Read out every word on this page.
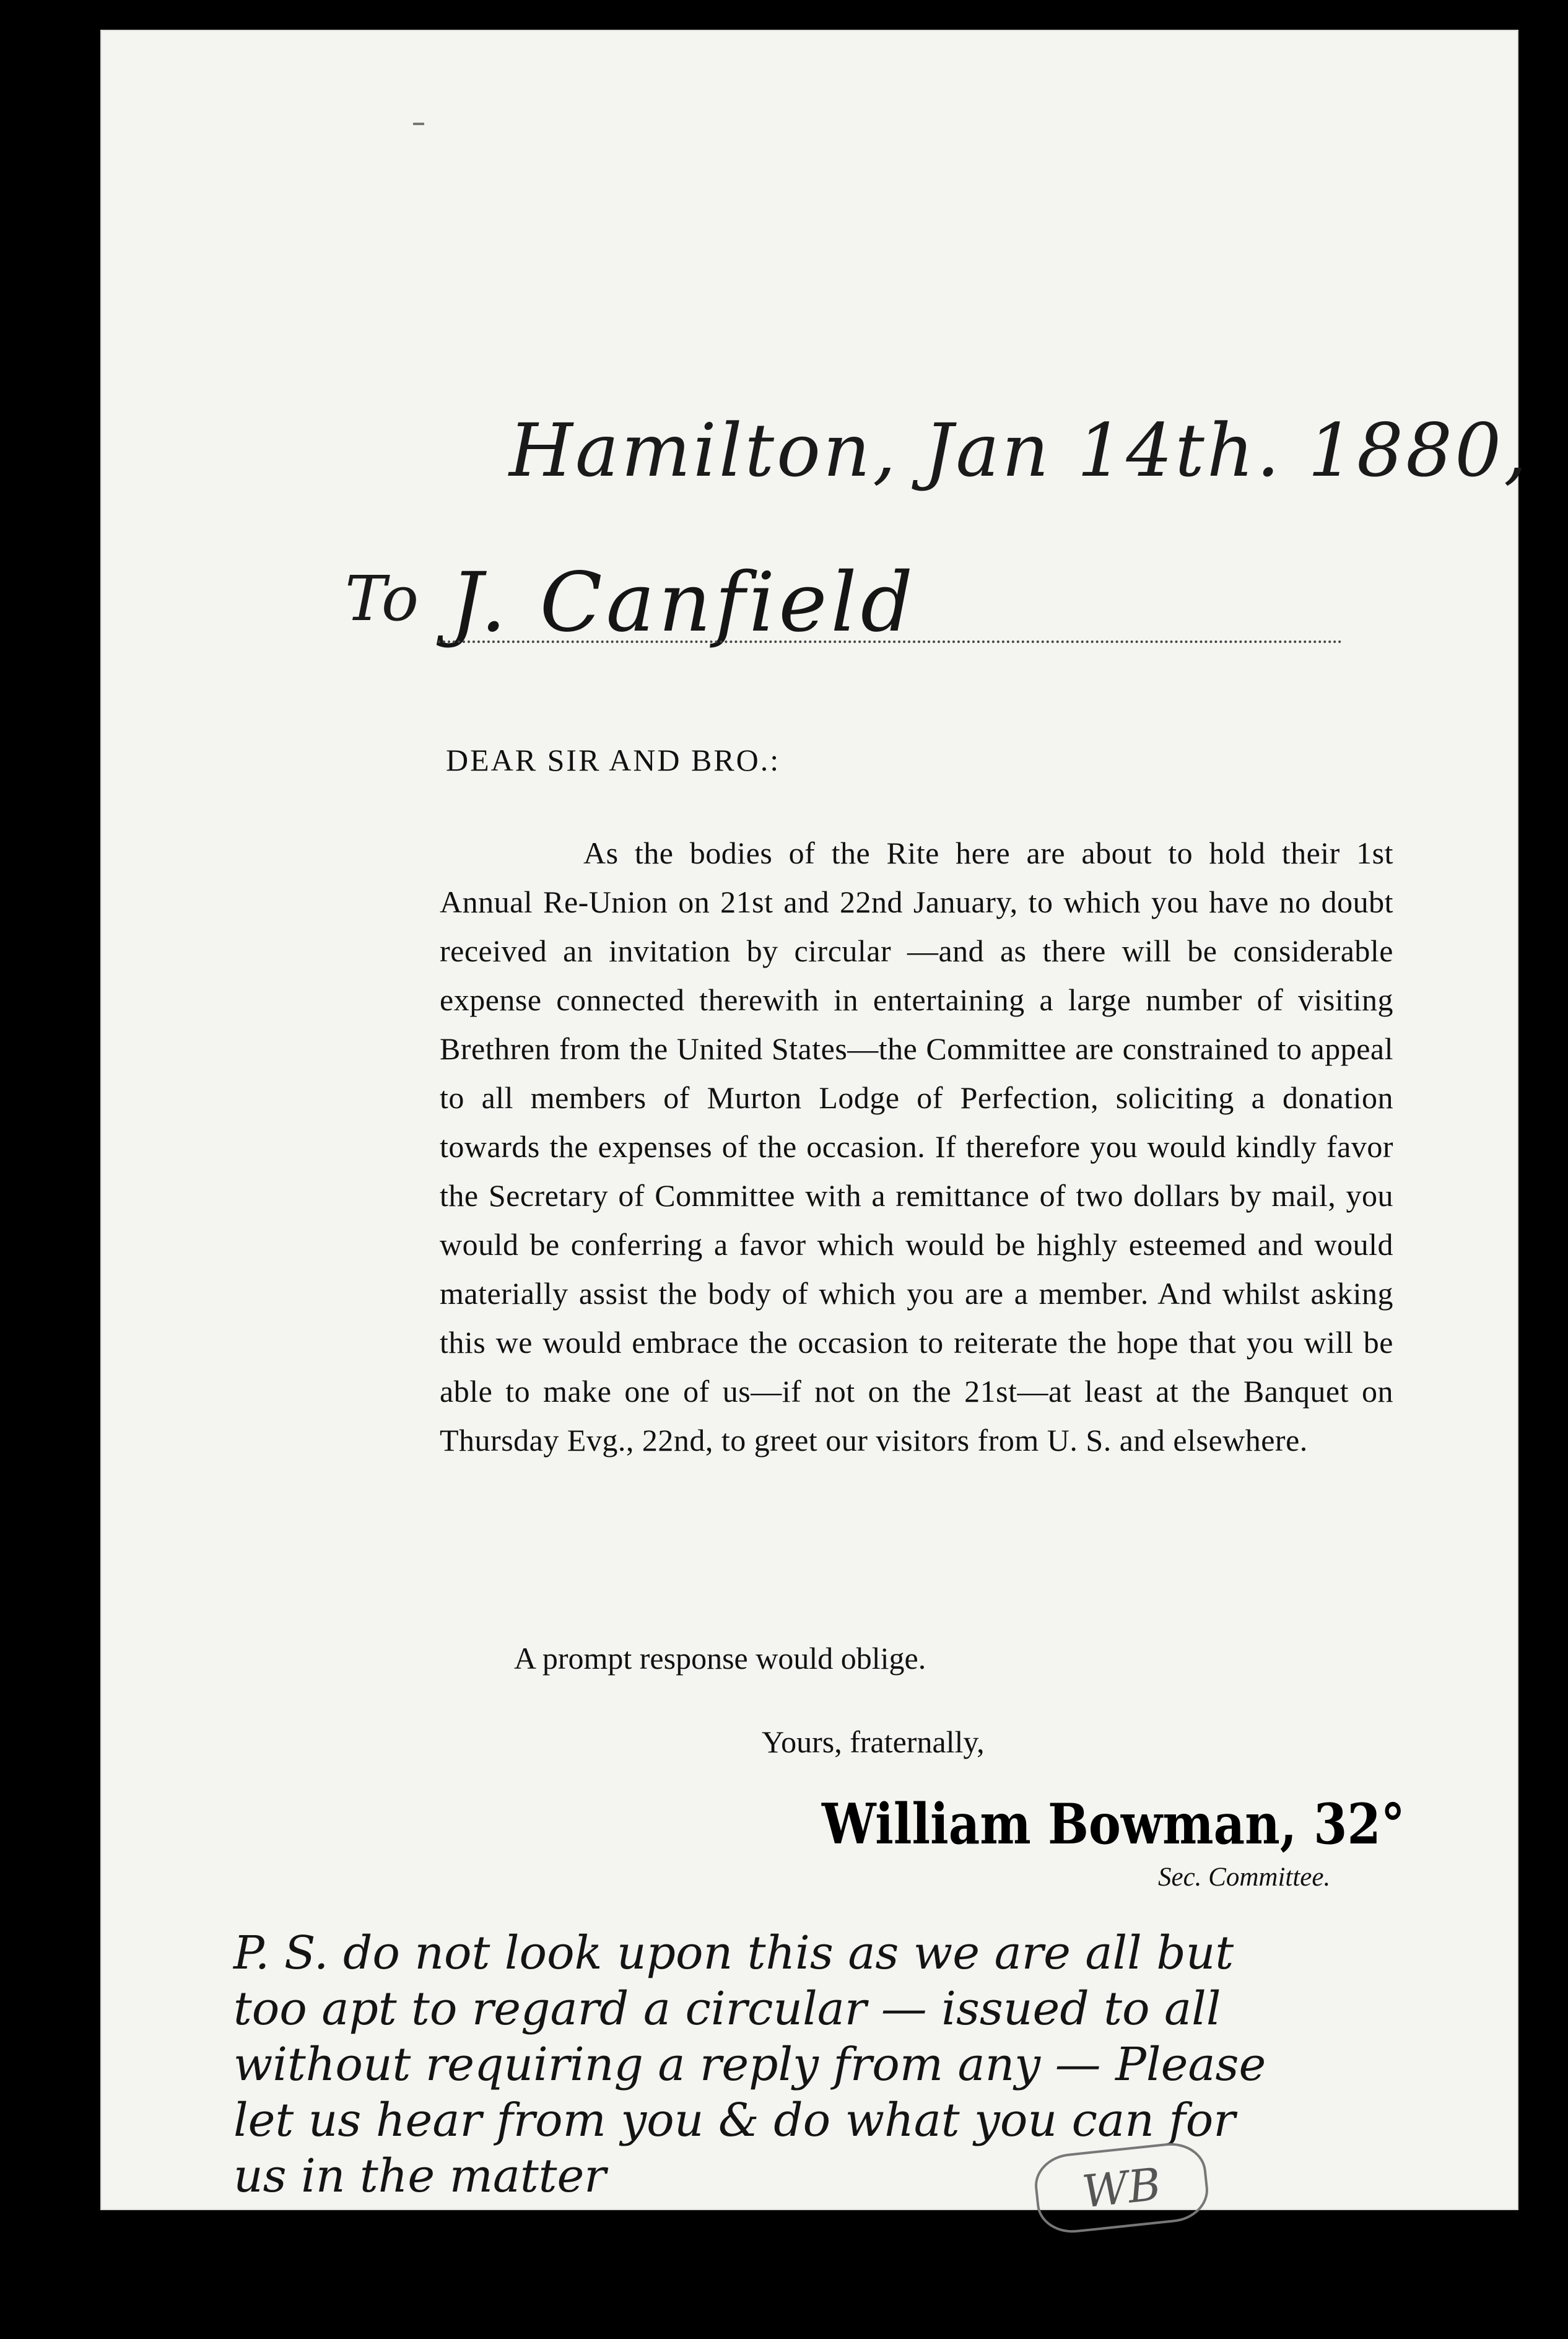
Hamilton, Jan 14th. 1880,
To J. Canfield
DEAR SIR AND BRO.:
As the bodies of the Rite here are about to hold their 1st Annual Re-Union on 21st and 22nd January, to which you have no doubt received an invitation by circular —and as there will be considerable expense connected therewith in entertaining a large number of visiting Brethren from the United States—the Committee are constrained to appeal to all members of Murton Lodge of Perfection, soliciting a donation towards the expenses of the occasion. If therefore you would kindly favor the Secretary of Committee with a remittance of two dollars by mail, you would be conferring a favor which would be highly esteemed and would materially assist the body of which you are a member. And whilst asking this we would embrace the occasion to reiterate the hope that you will be able to make one of us—if not on the 21st—at least at the Banquet on Thursday Evg., 22nd, to greet our visitors from U. S. and elsewhere.
A prompt response would oblige.
Yours, fraternally,
William Bowman, 32°
Sec. Committee.
P. S. do not look upon this as we are all but
too apt to regard a circular — issued to all
without requiring a reply from any — Please
let us hear from you & do what you can for
us in the matter	WB
